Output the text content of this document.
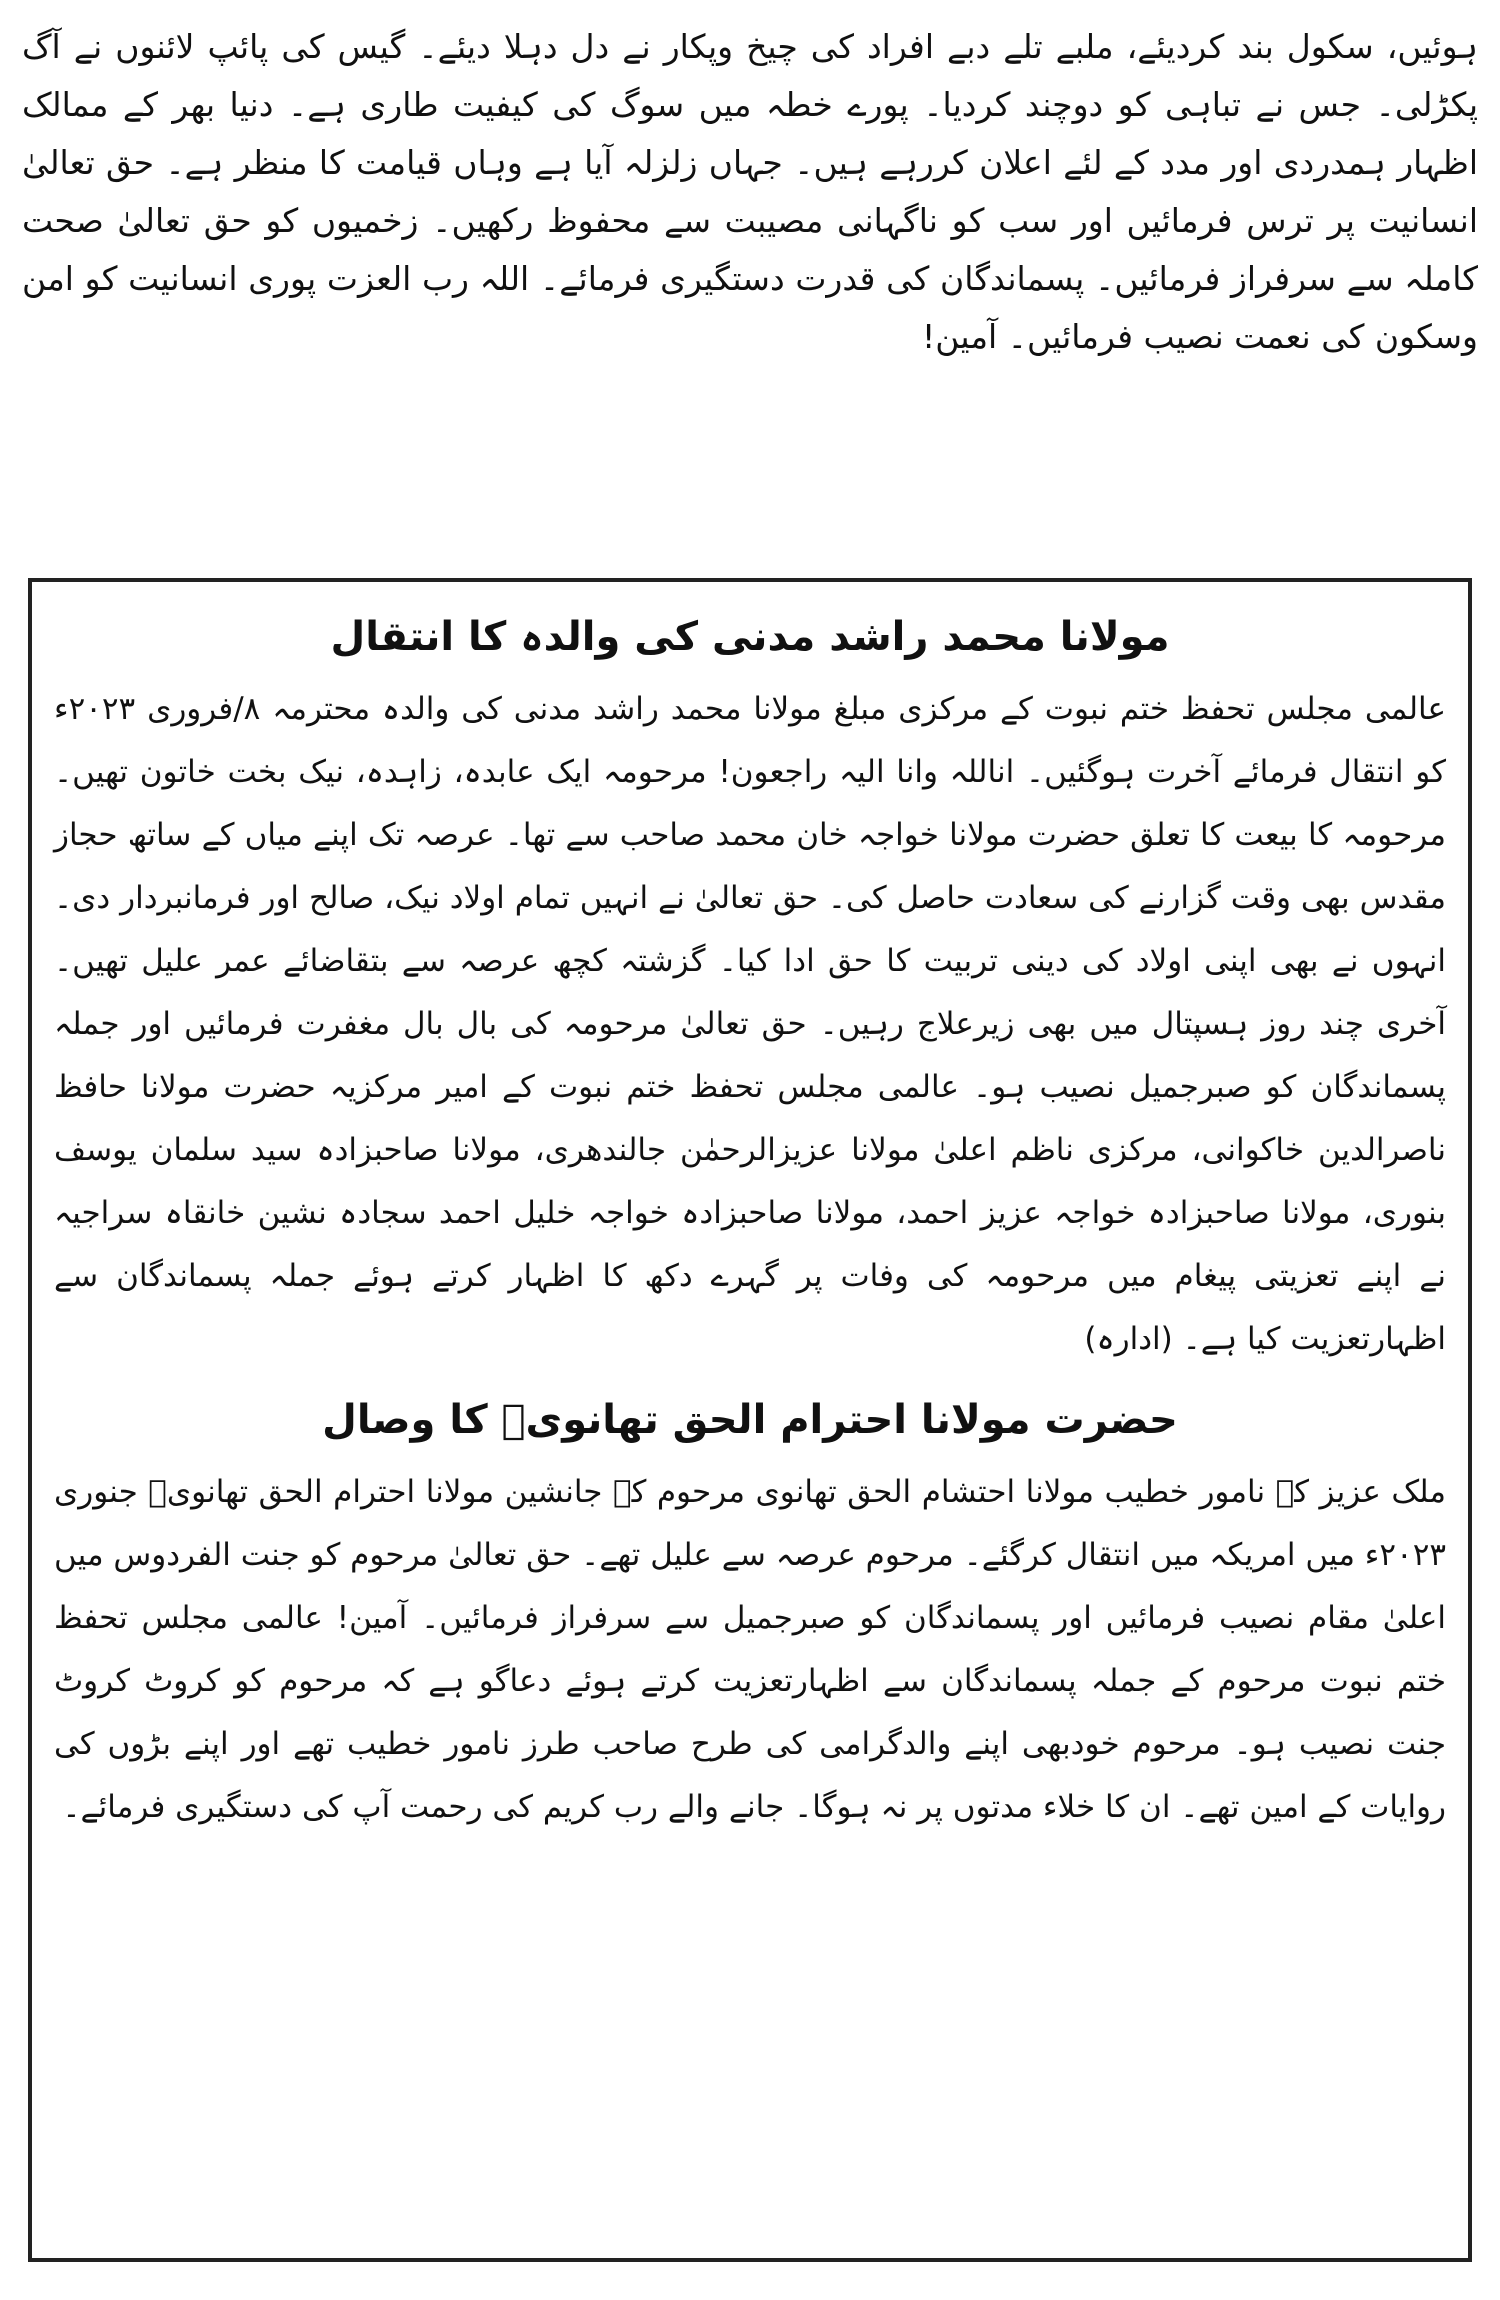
ہوئیں، سکول بند کردیئے، ملبے تلے دبے افراد کی چیخ وپکار نے دل دہلا دیئے۔ گیس کی پائپ لائنوں نے آگ پکڑلی۔ جس نے تباہی کو دوچند کردیا۔ پورے خطہ میں سوگ کی کیفیت طاری ہے۔ دنیا بھر کے ممالک اظہار ہمدردی اور مدد کے لئے اعلان کررہے ہیں۔ جہاں زلزلہ آیا ہے وہاں قیامت کا منظر ہے۔ حق تعالیٰ انسانیت پر ترس فرمائیں اور سب کو ناگہانی مصیبت سے محفوظ رکھیں۔ زخمیوں کو حق تعالیٰ صحت کاملہ سے سرفراز فرمائیں۔ پسماندگان کی قدرت دستگیری فرمائے۔ اللہ رب العزت پوری انسانیت کو امن وسکون کی نعمت نصیب فرمائیں۔ آمین!

مولانا محمد راشد مدنی کی والدہ کا انتقال

عالمی مجلس تحفظ ختم نبوت کے مرکزی مبلغ مولانا محمد راشد مدنی کی والدہ محترمہ ۸/فروری ۲۰۲۳ء کو انتقال فرمائے آخرت ہوگئیں۔ اناللہ وانا الیہ راجعون! مرحومہ ایک عابدہ، زاہدہ، نیک بخت خاتون تھیں۔ مرحومہ کا بیعت کا تعلق حضرت مولانا خواجہ خان محمد صاحب سے تھا۔ عرصہ تک اپنے میاں کے ساتھ حجاز مقدس بھی وقت گزارنے کی سعادت حاصل کی۔ حق تعالیٰ نے انہیں تمام اولاد نیک، صالح اور فرمانبردار دی۔ انہوں نے بھی اپنی اولاد کی دینی تربیت کا حق ادا کیا۔ گزشتہ کچھ عرصہ سے بتقاضائے عمر علیل تھیں۔ آخری چند روز ہسپتال میں بھی زیرعلاج رہیں۔ حق تعالیٰ مرحومہ کی بال بال مغفرت فرمائیں اور جملہ پسماندگان کو صبرجمیل نصیب ہو۔ عالمی مجلس تحفظ ختم نبوت کے امیر مرکزیہ حضرت مولانا حافظ ناصرالدین خاکوانی، مرکزی ناظم اعلیٰ مولانا عزیزالرحمٰن جالندھری، مولانا صاحبزادہ سید سلمان یوسف بنوری، مولانا صاحبزادہ خواجہ عزیز احمد، مولانا صاحبزادہ خواجہ خلیل احمد سجادہ نشین خانقاہ سراجیہ نے اپنے تعزیتی پیغام میں مرحومہ کی وفات پر گہرے دکھ کا اظہار کرتے ہوئے جملہ پسماندگان سے اظہارتعزیت کیا ہے۔ (ادارہ)

حضرت مولانا احترام الحق تھانویؒ کا وصال

ملک عزیز کے نامور خطیب مولانا احتشام الحق تھانوی مرحوم کے جانشین مولانا احترام الحق تھانویؒ جنوری ۲۰۲۳ء میں امریکہ میں انتقال کرگئے۔ مرحوم عرصہ سے علیل تھے۔ حق تعالیٰ مرحوم کو جنت الفردوس میں اعلیٰ مقام نصیب فرمائیں اور پسماندگان کو صبرجمیل سے سرفراز فرمائیں۔ آمین! عالمی مجلس تحفظ ختم نبوت مرحوم کے جملہ پسماندگان سے اظہارتعزیت کرتے ہوئے دعاگو ہے کہ مرحوم کو کروٹ کروٹ جنت نصیب ہو۔ مرحوم خودبھی اپنے والدگرامی کی طرح صاحب طرز نامور خطیب تھے اور اپنے بڑوں کی روایات کے امین تھے۔ ان کا خلاء مدتوں پر نہ ہوگا۔ جانے والے رب کریم کی رحمت آپ کی دستگیری فرمائے۔
